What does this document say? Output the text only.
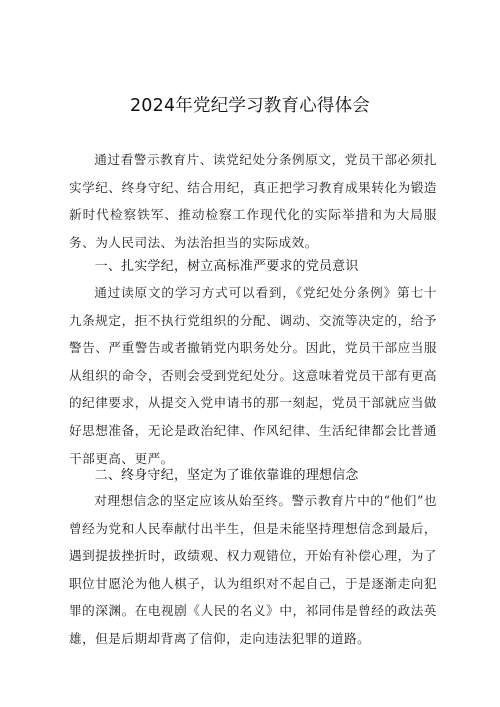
2024年党纪学习教育心得体会

通过看警示教育片、读党纪处分条例原文，党员干部必须扎实学纪、终身守纪、结合用纪，真正把学习教育成果转化为锻造新时代检察铁军、推动检察工作现代化的实际举措和为大局服务、为人民司法、为法治担当的实际成效。

一、扎实学纪，树立高标准严要求的党员意识

通过读原文的学习方式可以看到，《党纪处分条例》第七十九条规定，拒不执行党组织的分配、调动、交流等决定的，给予警告、严重警告或者撤销党内职务处分。因此，党员干部应当服从组织的命令，否则会受到党纪处分。这意味着党员干部有更高的纪律要求，从提交入党申请书的那一刻起，党员干部就应当做好思想准备，无论是政治纪律、作风纪律、生活纪律都会比普通干部更高、更严。

二、终身守纪，坚定为了谁依靠谁的理想信念

对理想信念的坚定应该从始至终。警示教育片中的“他们”也曾经为党和人民奉献付出半生，但是未能坚持理想信念到最后，遇到提拔挫折时，政绩观、权力观错位，开始有补偿心理，为了职位甘愿沦为他人棋子，认为组织对不起自己，于是逐渐走向犯罪的深渊。在电视剧《人民的名义》中，祁同伟是曾经的政法英雄，但是后期却背离了信仰，走向违法犯罪的道路。
